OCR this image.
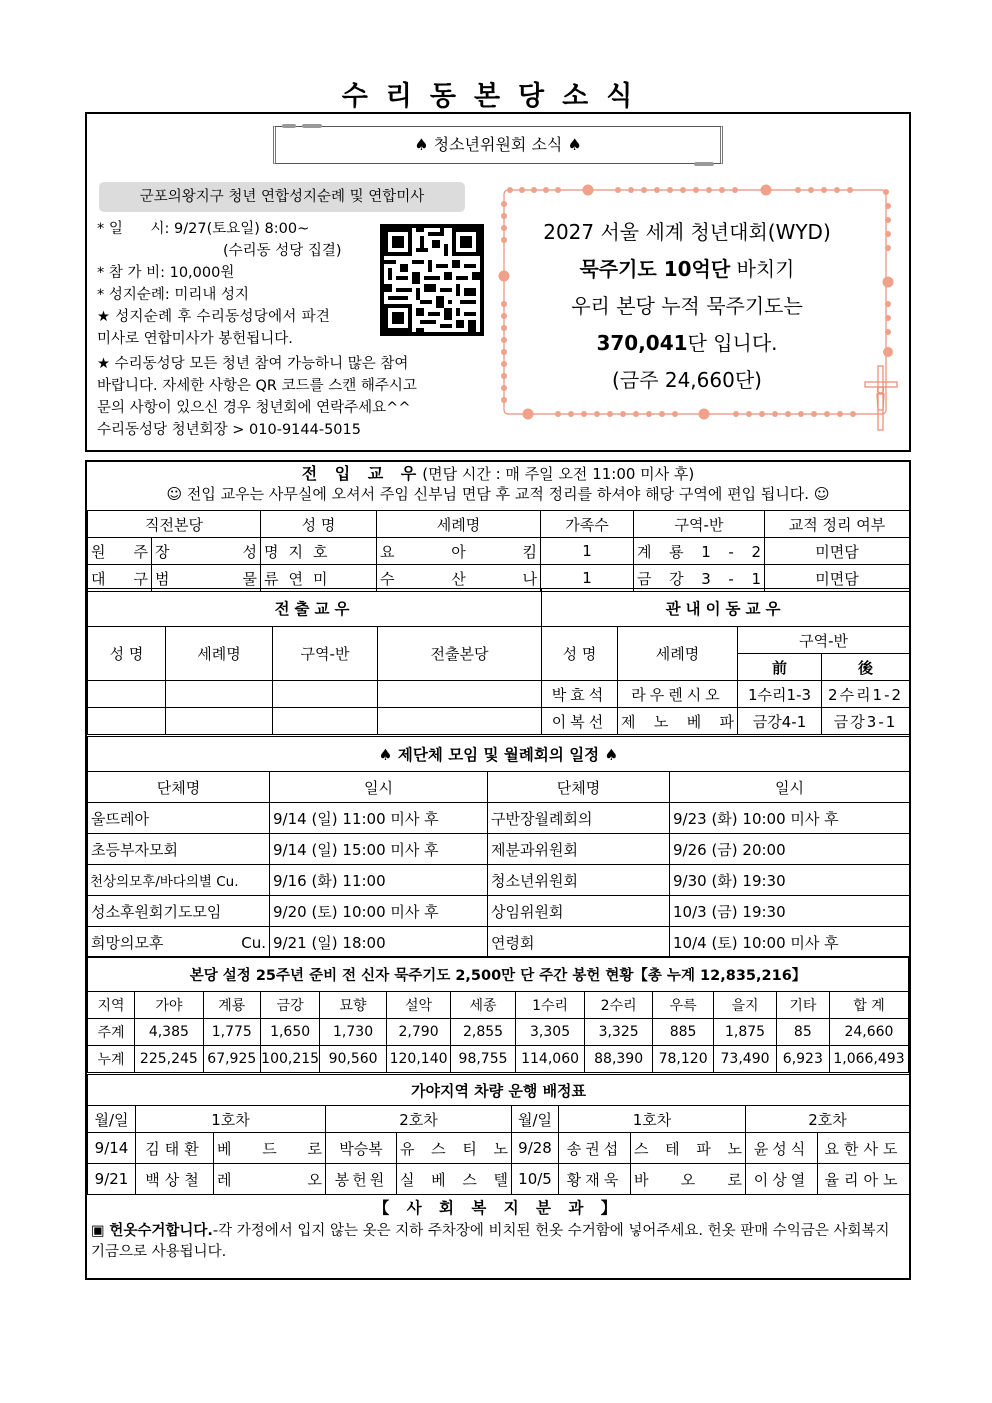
수리동본당소식
♠ 청소년위원회 소식 ♠
군포의왕지구 청년 연합성지순례 및 연합미사
* 일      시: 9/27(토요일) 8:00~
(수리동 성당 집결)
* 참 가 비: 10,000원
* 성지순례: 미리내 성지
★ 성지순례 후 수리동성당에서 파견
미사로 연합미사가 봉헌됩니다.
★ 수리동성당 모든 청년 참여 가능하니 많은 참여
바랍니다. 자세한 사항은 QR 코드를 스캔 해주시고
문의 사항이 있으신 경우 청년회에 연락주세요^^
수리동성당 청년회장 > 010-9144-5015
2027 서울 세계 청년대회(WYD)
묵주기도 10억단 바치기
우리 본당 누적 묵주기도는
370,041단 입니다.
(금주 24,660단)
전 입 교 우(면담 시간 : 매 주일 오전 11:00 미사 후)
☺ 전입 교우는 사무실에 오셔서 주임 신부님 면담 후 교적 정리를 하셔야 해당 구역에 편입 됩니다. ☺
직전본당		성 명	세례명	가족수	구역-반	교적 정리 여부
원 주	장 성	명지호	요 아 킴	1	계 룡 1 - 2	미면담
대 구	범 물	류연미	수 산 나	1	금 강 3 - 1	미면담
전출교우				관내이동교우			
성 명	세례명	구역-반	전출본당	성 명	세례명	구역-반	
						前	後
				박효석	라우렌시오	1수리1-3	2수리1-2
				이복선	제 노 베 파	금강4-1	금강3-1
♠ 제단체 모임 및 월례회의 일정 ♠			
단체명	일시	단체명	일시
울뜨레아	9/14 (일) 11:00 미사 후	구반장월례회의	9/23 (화) 10:00 미사 후
초등부자모회	9/14 (일) 15:00 미사 후	제분과위원회	9/26 (금) 20:00
천상의모후/바다의별 Cu.	9/16 (화) 11:00	청소년위원회	9/30 (화) 19:30
성소후원회기도모임	9/20 (토) 10:00 미사 후	상임위원회	10/3 (금) 19:30
희망의모후 Cu.	9/21 (일) 18:00	연령회	10/4 (토) 10:00 미사 후
본당 설정 25주년 준비 전 신자 묵주기도 2,500만 단 주간 봉헌 현황【총 누계 12,835,216】												
지역	가야	계룡	금강	묘향	설악	세종	1수리	2수리	우륵	을지	기타	합 계
주계	4,385	1,775	1,650	1,730	2,790	2,855	3,305	3,325	885	1,875	85	24,660
누계	225,245	67,925	100,215	90,560	120,140	98,755	114,060	88,390	78,120	73,490	6,923	1,066,493
가야지역 차량 운행 배정표									
월/일	1호차		2호차		월/일	1호차		2호차	
9/14	김태환	베 드 로	박승복	유 스 티 노	9/28	송권섭	스 테 파 노	윤성식	요한사도
9/21	백상철	레 오	봉헌원	실 베 스 텔	10/5	황재욱	바 오 로	이상열	율리아노
【 사 회 복 지 분 과 】
▣ 헌옷수거합니다.-각 가정에서 입지 않는 옷은 지하 주차장에 비치된 헌옷 수거함에 넣어주세요. 헌옷 판매 수익금은 사회복지 기금으로 사용됩니다.
